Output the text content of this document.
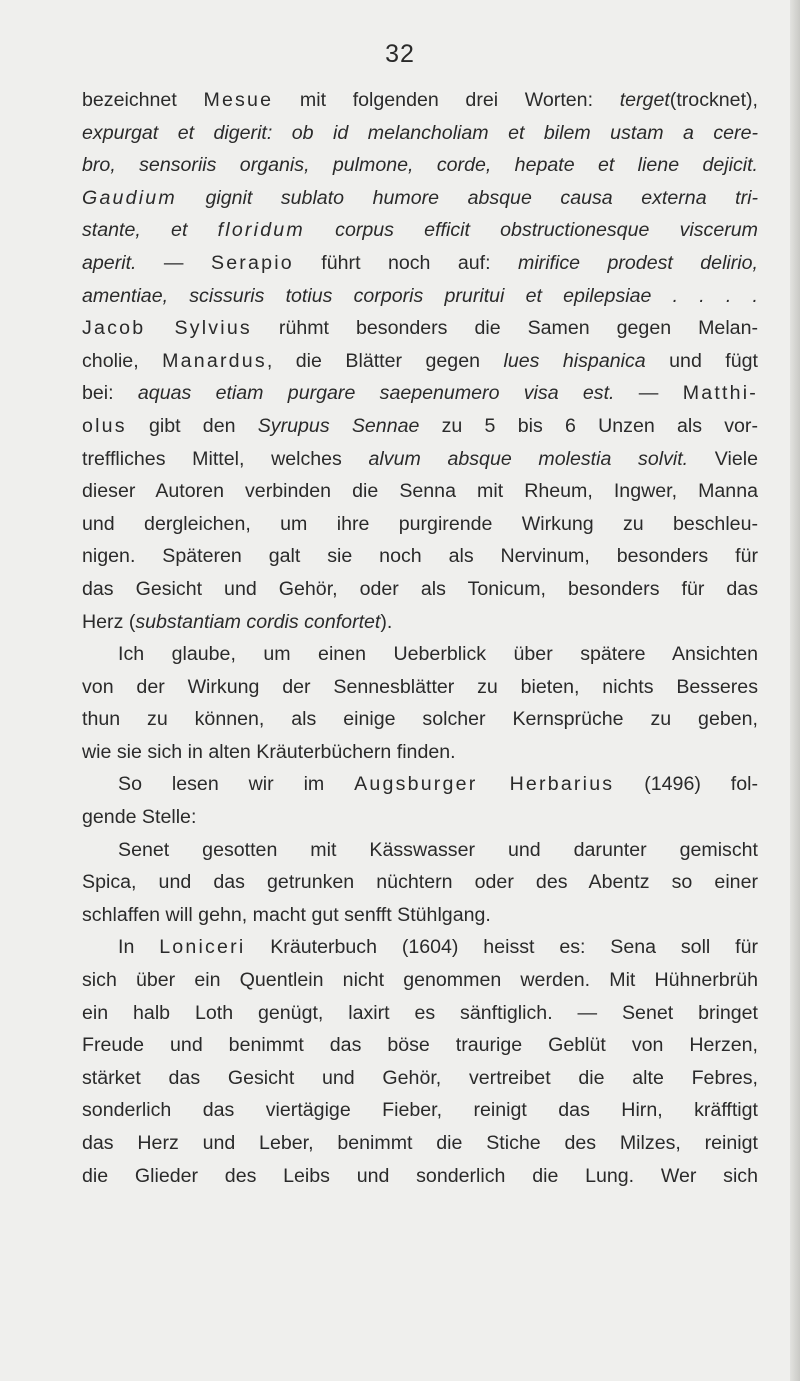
32
bezeichnet Mesue mit folgenden drei Worten: terget(trocknet),
expurgat et digerit: ob id melancholiam et bilem ustam a cere-
bro, sensoriis organis, pulmone, corde, hepate et liene dejicit.
Gaudium gignit sublato humore absque causa externa tri-
stante, et floridum corpus efficit obstructionesque viscerum
aperit. — Serapio führt noch auf: mirifice prodest delirio,
amentiae, scissuris totius corporis pruritui et epilepsiae . . . .
Jacob Sylvius rühmt besonders die Samen gegen Melan-
cholie, Manardus, die Blätter gegen lues hispanica und fügt
bei: aquas etiam purgare saepenumero visa est. — Matthi-
olus gibt den Syrupus Sennae zu 5 bis 6 Unzen als vor-
treffliches Mittel, welches alvum absque molestia solvit. Viele
dieser Autoren verbinden die Senna mit Rheum, Ingwer, Manna
und dergleichen, um ihre purgirende Wirkung zu beschleu-
nigen. Späteren galt sie noch als Nervinum, besonders für
das Gesicht und Gehör, oder als Tonicum, besonders für das
Herz (substantiam cordis confortet).
Ich glaube, um einen Ueberblick über spätere Ansichten
von der Wirkung der Sennesblätter zu bieten, nichts Besseres
thun zu können, als einige solcher Kernsprüche zu geben,
wie sie sich in alten Kräuterbüchern finden.
So lesen wir im Augsburger Herbarius (1496) fol-
gende Stelle:
Senet gesotten mit Kässwasser und darunter gemischt
Spica, und das getrunken nüchtern oder des Abentz so einer
schlaffen will gehn, macht gut senfft Stühlgang.
In Loniceri Kräuterbuch (1604) heisst es: Sena soll für
sich über ein Quentlein nicht genommen werden. Mit Hühnerbrüh
ein halb Loth genügt, laxirt es sänftiglich. — Senet bringet
Freude und benimmt das böse traurige Geblüt von Herzen,
stärket das Gesicht und Gehör, vertreibet die alte Febres,
sonderlich das viertägige Fieber, reinigt das Hirn, kräfftigt
das Herz und Leber, benimmt die Stiche des Milzes, reinigt
die Glieder des Leibs und sonderlich die Lung. Wer sich
